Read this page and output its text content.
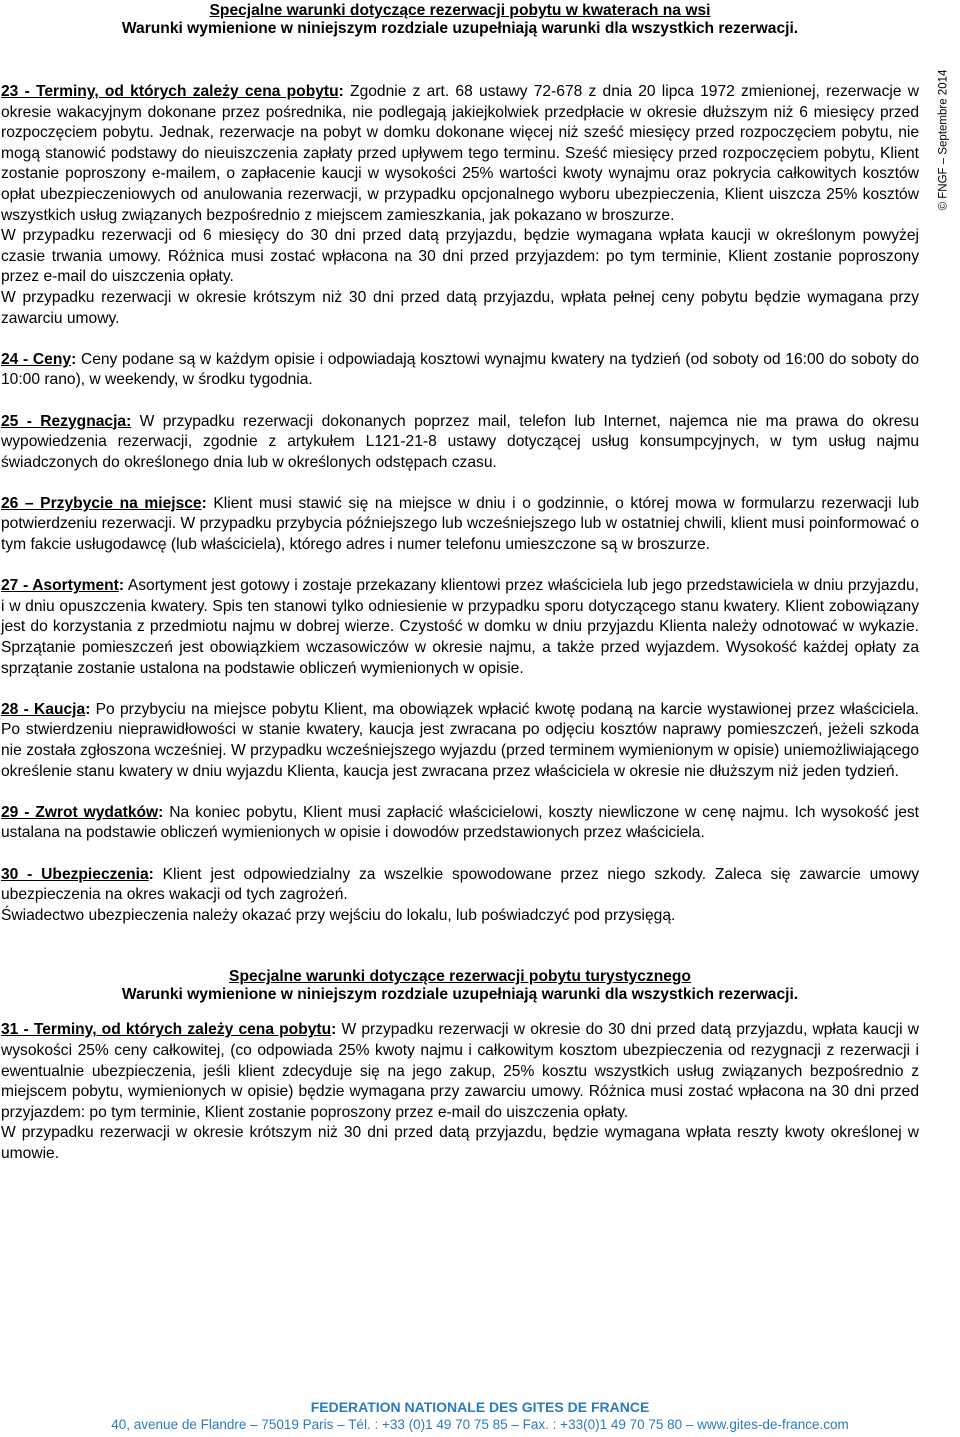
© FNGF – Septembre 2014
Specjalne warunki dotyczące rezerwacji pobytu w kwaterach na wsi
Warunki wymienione w niniejszym rozdziale uzupełniają warunki dla wszystkich rezerwacji.

23 - Terminy, od których zależy cena pobytu: Zgodnie z art. 68 ustawy 72-678 z dnia 20 lipca 1972 zmienionej, rezerwacje w okresie wakacyjnym dokonane przez pośrednika, nie podlegają jakiejkolwiek przedpłacie w okresie dłuższym niż 6 miesięcy przed rozpoczęciem pobytu. Jednak, rezerwacje na pobyt w domku dokonane więcej niż sześć miesięcy przed rozpoczęciem pobytu, nie mogą stanowić podstawy do nieuiszczenia zapłaty przed upływem tego terminu. Sześć miesięcy przed rozpoczęciem pobytu, Klient zostanie poproszony e-mailem, o zapłacenie kaucji w wysokości 25% wartości kwoty wynajmu oraz pokrycia całkowitych kosztów opłat ubezpieczeniowych od anulowania rezerwacji, w przypadku opcjonalnego wyboru ubezpieczenia, Klient uiszcza 25% kosztów wszystkich usług związanych bezpośrednio z miejscem zamieszkania, jak pokazano w broszurze.

W przypadku rezerwacji od 6 miesięcy do 30 dni przed datą przyjazdu, będzie wymagana wpłata kaucji w określonym powyżej czasie trwania umowy. Różnica musi zostać wpłacona na 30 dni przed przyjazdem: po tym terminie, Klient zostanie poproszony przez e-mail do uiszczenia opłaty.

W przypadku rezerwacji w okresie krótszym niż 30 dni przed datą przyjazdu, wpłata pełnej ceny pobytu będzie wymagana przy zawarciu umowy.

24 - Ceny: Ceny podane są w każdym opisie i odpowiadają kosztowi wynajmu kwatery na tydzień (od soboty od 16:00 do soboty do 10:00 rano), w weekendy, w środku tygodnia.

25 - Rezygnacja: W przypadku rezerwacji dokonanych poprzez mail, telefon lub Internet, najemca nie ma prawa do okresu wypowiedzenia rezerwacji, zgodnie z artykułem L121-21-8 ustawy dotyczącej usług konsumpcyjnych, w tym usług najmu świadczonych do określonego dnia lub w określonych odstępach czasu.

26 – Przybycie na miejsce: Klient musi stawić się na miejsce w dniu i o godzinnie, o której mowa w formularzu rezerwacji lub potwierdzeniu rezerwacji. W przypadku przybycia późniejszego lub wcześniejszego lub w ostatniej chwili, klient musi poinformować o tym fakcie usługodawcę (lub właściciela), którego adres i numer telefonu umieszczone są w broszurze.

27 - Asortyment: Asortyment jest gotowy i zostaje przekazany klientowi przez właściciela lub jego przedstawiciela w dniu przyjazdu, i w dniu opuszczenia kwatery. Spis ten stanowi tylko odniesienie w przypadku sporu dotyczącego stanu kwatery. Klient zobowiązany jest do korzystania z przedmiotu najmu w dobrej wierze. Czystość w domku w dniu przyjazdu Klienta należy odnotować w wykazie. Sprzątanie pomieszczeń jest obowiązkiem wczasowiczów w okresie najmu, a także przed wyjazdem. Wysokość każdej opłaty za sprzątanie zostanie ustalona na podstawie obliczeń wymienionych w opisie.

28 - Kaucja: Po przybyciu na miejsce pobytu Klient, ma obowiązek wpłacić kwotę podaną na karcie wystawionej przez właściciela. Po stwierdzeniu nieprawidłowości w stanie kwatery, kaucja jest zwracana po odjęciu kosztów naprawy pomieszczeń, jeżeli szkoda nie została zgłoszona wcześniej. W przypadku wcześniejszego wyjazdu (przed terminem wymienionym w opisie) uniemożliwiającego określenie stanu kwatery w dniu wyjazdu Klienta, kaucja jest zwracana przez właściciela w okresie nie dłuższym niż jeden tydzień.

29 - Zwrot wydatków: Na koniec pobytu, Klient musi zapłacić właścicielowi, koszty niewliczone w cenę najmu. Ich wysokość jest ustalana na podstawie obliczeń wymienionych w opisie i dowodów przedstawionych przez właściciela.

30 - Ubezpieczenia: Klient jest odpowiedzialny za wszelkie spowodowane przez niego szkody. Zaleca się zawarcie umowy ubezpieczenia na okres wakacji od tych zagrożeń.

Świadectwo ubezpieczenia należy okazać przy wejściu do lokalu, lub poświadczyć pod przysięgą.

Specjalne warunki dotyczące rezerwacji pobytu turystycznego
Warunki wymienione w niniejszym rozdziale uzupełniają warunki dla wszystkich rezerwacji.

31 - Terminy, od których zależy cena pobytu: W przypadku rezerwacji w okresie do 30 dni przed datą przyjazdu, wpłata kaucji w wysokości 25% ceny całkowitej, (co odpowiada 25% kwoty najmu i całkowitym kosztom ubezpieczenia od rezygnacji z rezerwacji i ewentualnie ubezpieczenia, jeśli klient zdecyduje się na jego zakup, 25% kosztu wszystkich usług związanych bezpośrednio z miejscem pobytu, wymienionych w opisie) będzie wymagana przy zawarciu umowy. Różnica musi zostać wpłacona na 30 dni przed przyjazdem: po tym terminie, Klient zostanie poproszony przez e-mail do uiszczenia opłaty.

W przypadku rezerwacji w okresie krótszym niż 30 dni przed datą przyjazdu, będzie wymagana wpłata reszty kwoty określonej w umowie.

FEDERATION NATIONALE DES GITES DE FRANCE
40, avenue de Flandre – 75019 Paris – Tél. : +33 (0)1 49 70 75 85 – Fax. : +33(0)1 49 70 75 80 – www.gites-de-france.com
